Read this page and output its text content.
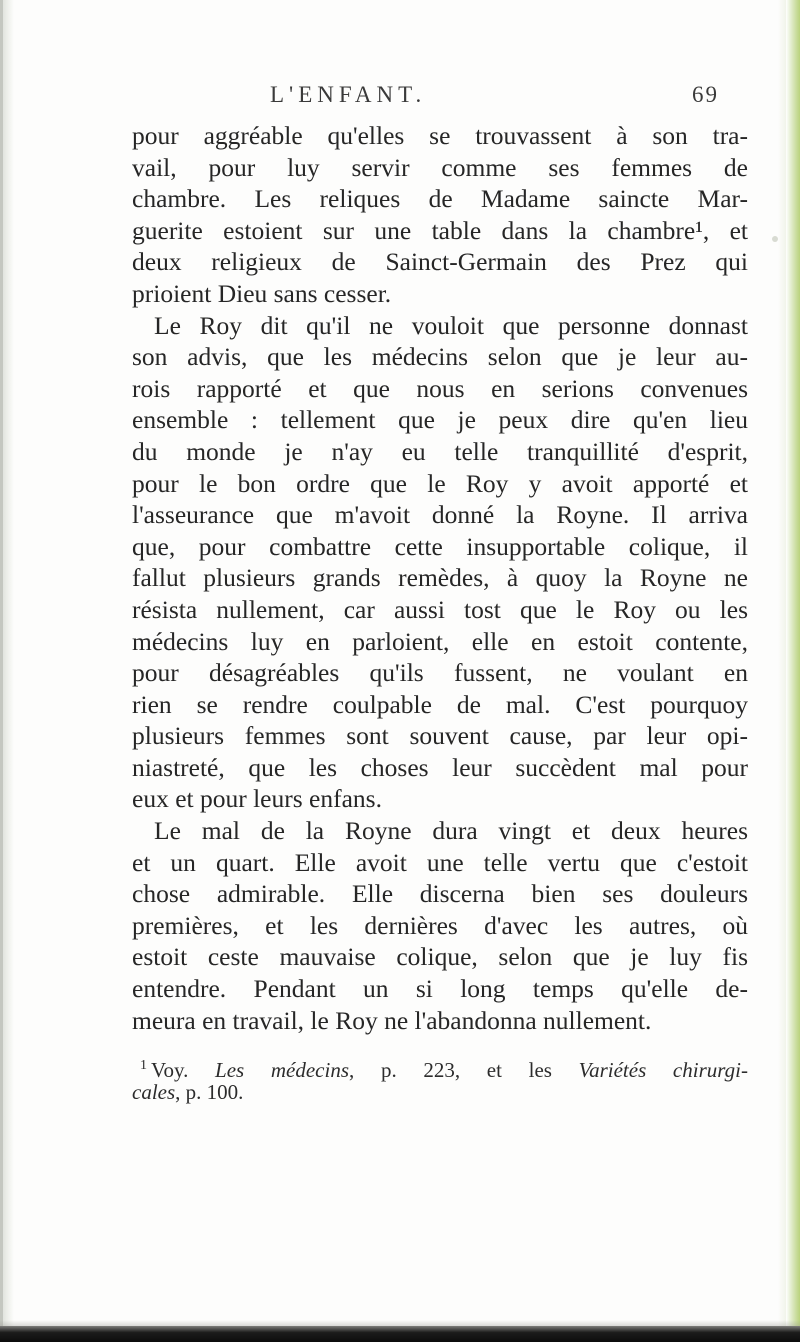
L'ENFANT.	69
pour aggréable qu'elles se trouvassent à son tra-
vail, pour luy servir comme ses femmes de
chambre. Les reliques de Madame saincte Mar-
guerite estoient sur une table dans la chambre¹, et
deux religieux de Sainct-Germain des Prez qui
prioient Dieu sans cesser.
Le Roy dit qu'il ne vouloit que personne donnast
son advis, que les médecins selon que je leur au-
rois rapporté et que nous en serions convenues
ensemble : tellement que je peux dire qu'en lieu
du monde je n'ay eu telle tranquillité d'esprit,
pour le bon ordre que le Roy y avoit apporté et
l'asseurance que m'avoit donné la Royne. Il arriva
que, pour combattre cette insupportable colique, il
fallut plusieurs grands remèdes, à quoy la Royne ne
résista nullement, car aussi tost que le Roy ou les
médecins luy en parloient, elle en estoit contente,
pour désagréables qu'ils fussent, ne voulant en
rien se rendre coulpable de mal. C'est pourquoy
plusieurs femmes sont souvent cause, par leur opi-
niastreté, que les choses leur succèdent mal pour
eux et pour leurs enfans.
Le mal de la Royne dura vingt et deux heures
et un quart. Elle avoit une telle vertu que c'estoit
chose admirable. Elle discerna bien ses douleurs
premières, et les dernières d'avec les autres, où
estoit ceste mauvaise colique, selon que je luy fis
entendre. Pendant un si long temps qu'elle de-
meura en travail, le Roy ne l'abandonna nullement.
$^1$ Voy. Les médecins, p. 223, et les Variétés chirurgi-
cales, p. 100.
